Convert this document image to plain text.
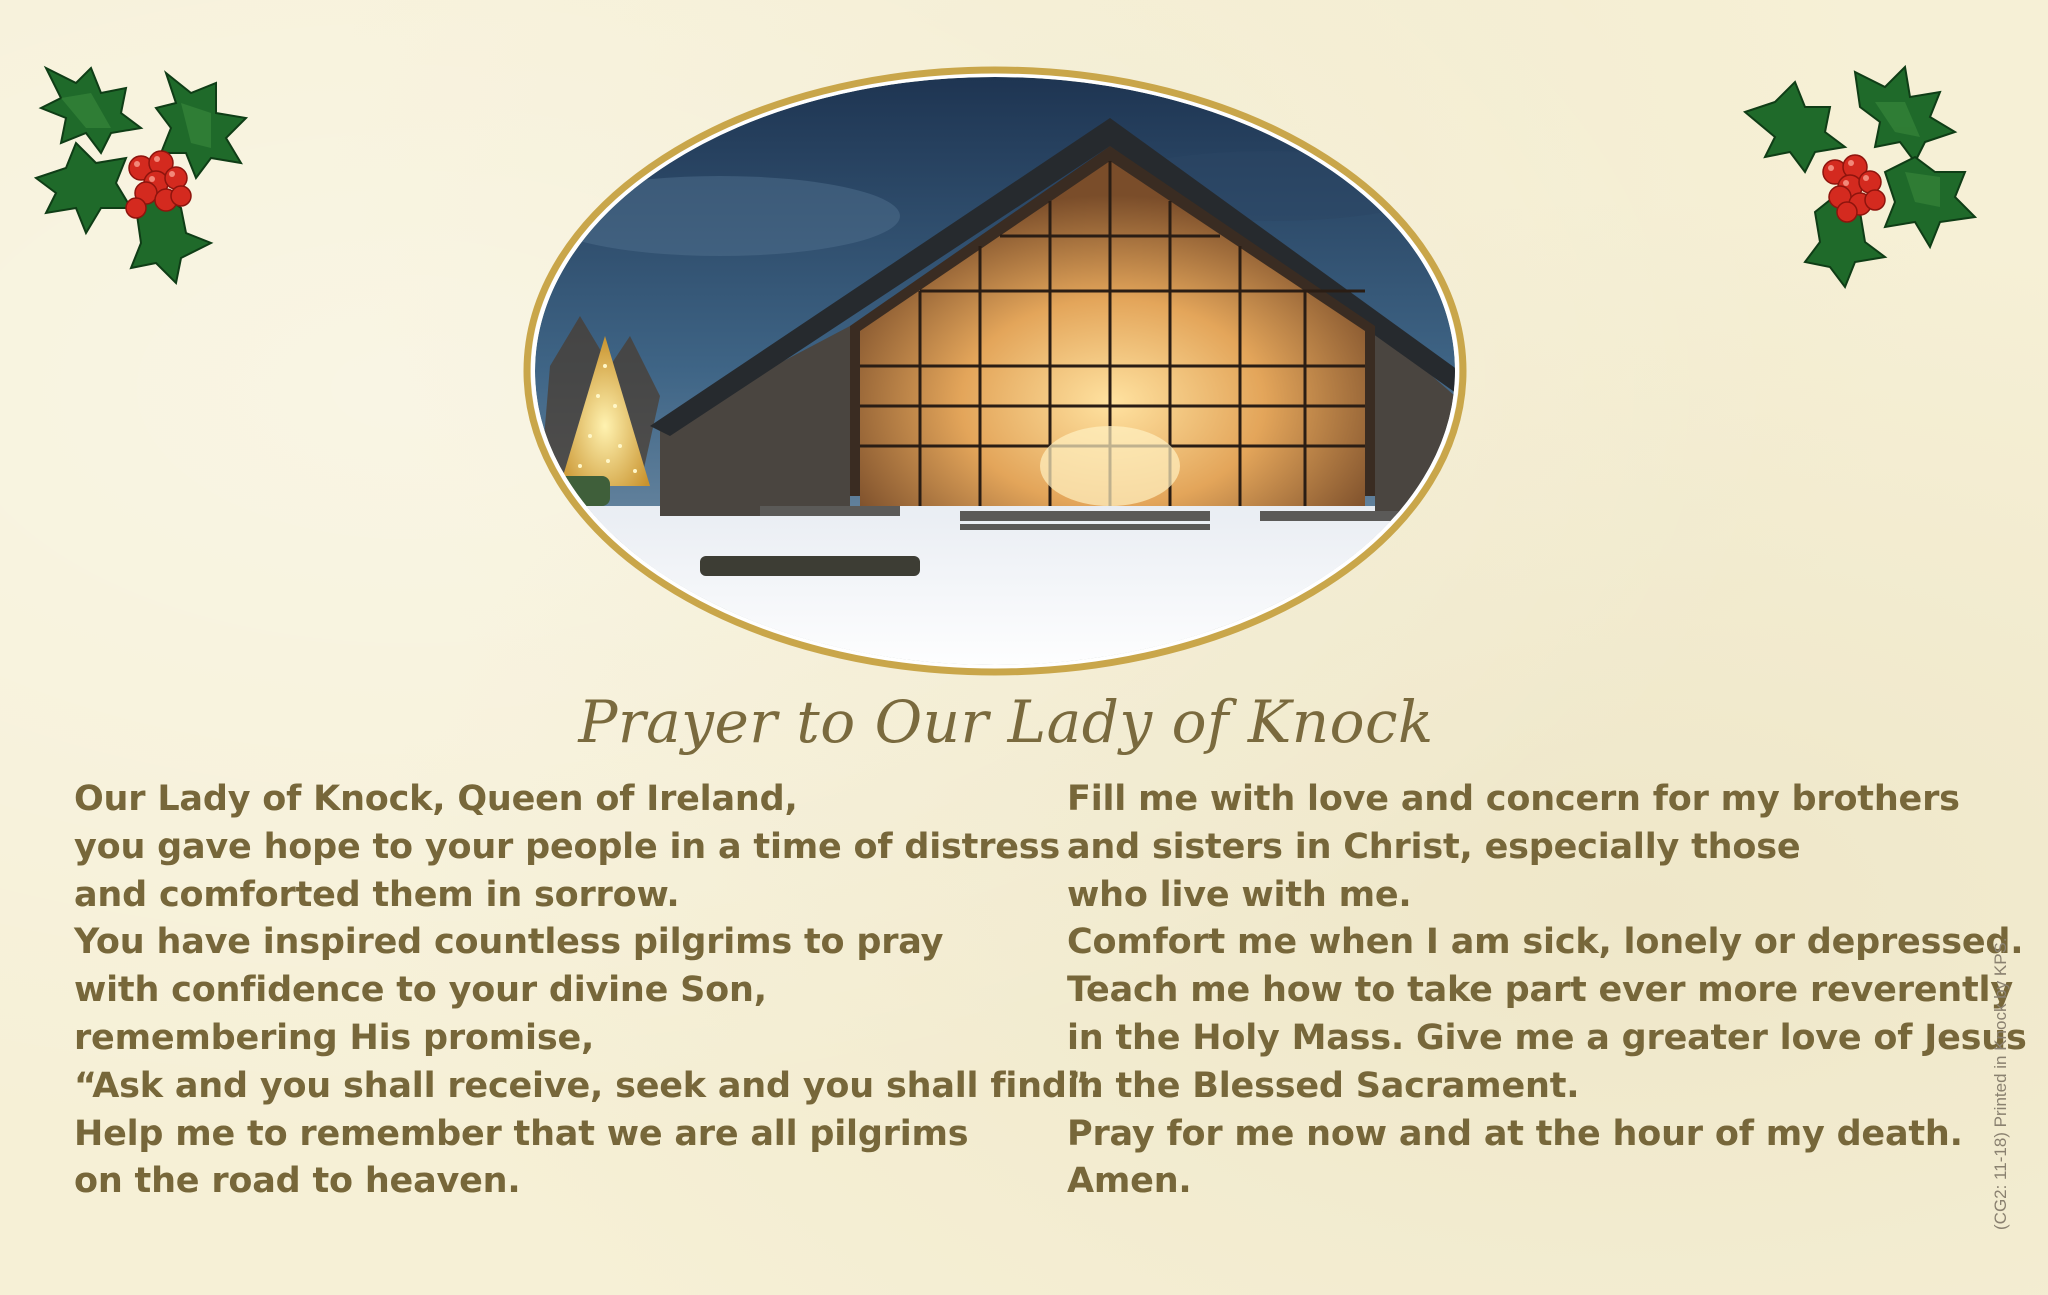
Prayer to Our Lady of Knock
Our Lady of Knock, Queen of Ireland,
you gave hope to your people in a time of distress
and comforted them in sorrow.
You have inspired countless pilgrims to pray
with confidence to your divine Son,
remembering His promise,
“Ask and you shall receive, seek and you shall find”.
Help me to remember that we are all pilgrims
on the road to heaven.
Fill me with love and concern for my brothers
and sisters in Christ, especially those
who live with me.
Comfort me when I am sick, lonely or depressed.
Teach me how to take part ever more reverently
in the Holy Mass. Give me a greater love of Jesus
in the Blessed Sacrament.
Pray for me now and at the hour of my death.
Amen.	(CG2: 11-18) Printed in Knock by KPS.
